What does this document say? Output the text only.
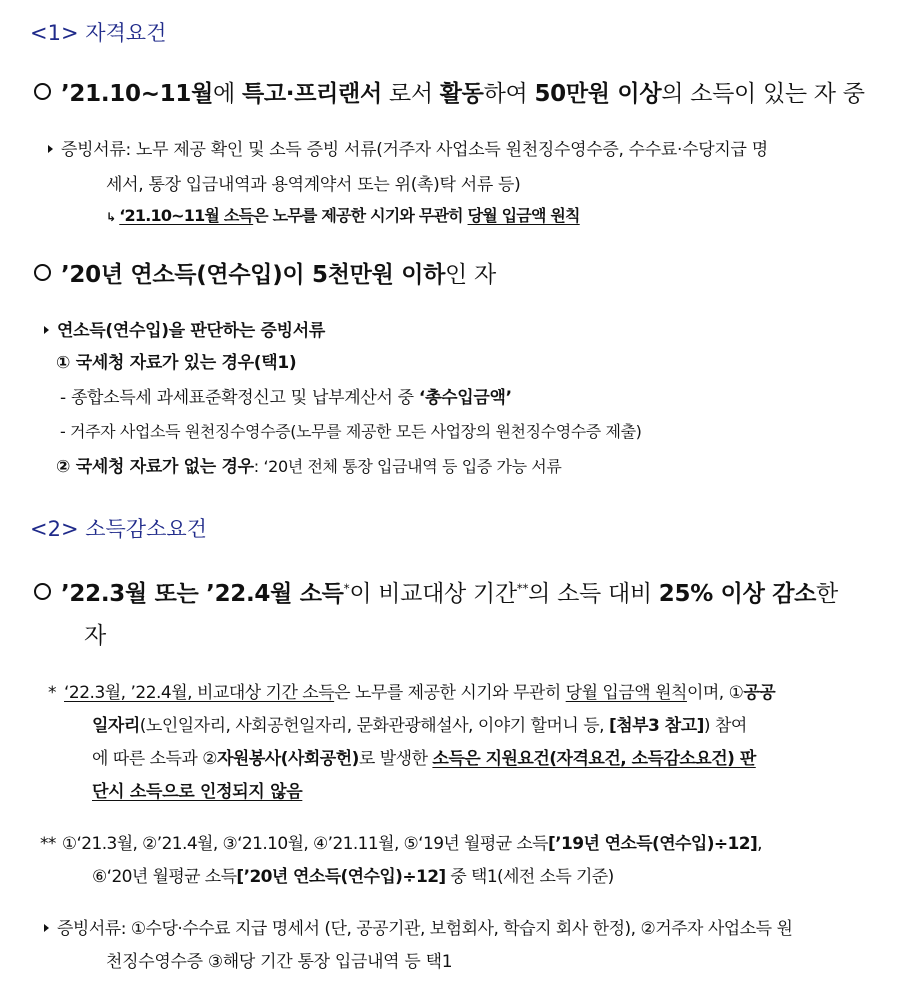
<1> 자격요건
’21.10~11월에 특고·프리랜서 로서 활동하여 50만원 이상의 소득이 있는 자 중
증빙서류: 노무 제공 확인 및 소득 증빙 서류(거주자 사업소득 원천징수영수증, 수수료·수당지급 명
세서, 통장 입금내역과 용역계약서 또는 위(촉)탁 서류 등)
↳ ‘21.10~11월 소득은 노무를 제공한 시기와 무관히 당월 입금액 원칙
’20년 연소득(연수입)이 5천만원 이하인 자
연소득(연수입)을 판단하는 증빙서류
① 국세청 자료가 있는 경우(택1)
- 종합소득세 과세표준확정신고 및 납부계산서 중 ‘총수입금액’
- 거주자 사업소득 원천징수영수증(노무를 제공한 모든 사업장의 원천징수영수증 제출)
② 국세청 자료가 없는 경우: ‘20년 전체 통장 입금내역 등 입증 가능 서류
<2> 소득감소요건
’22.3월 또는 ’22.4월 소득*이 비교대상 기간**의 소득 대비 25% 이상 감소한
자
* ‘22.3월, ’22.4월, 비교대상 기간 소득은 노무를 제공한 시기와 무관히 당월 입금액 원칙이며, ①공공
일자리(노인일자리, 사회공헌일자리, 문화관광해설사, 이야기 할머니 등, [첨부3 참고]) 참여
에 따른 소득과 ②자원봉사(사회공헌)로 발생한 소득은 지원요건(자격요건, 소득감소요건) 판
단시 소득으로 인정되지 않음
** ①‘21.3월, ②’21.4월, ③‘21.10월, ④’21.11월, ⑤‘19년 월평균 소득[’19년 연소득(연수입)÷12],
⑥‘20년 월평균 소득[’20년 연소득(연수입)÷12] 중 택1(세전 소득 기준)
증빙서류: ①수당·수수료 지급 명세서 (단, 공공기관, 보험회사, 학습지 회사 한정), ②거주자 사업소득 원
천징수영수증 ③해당 기간 통장 입금내역 등 택1
